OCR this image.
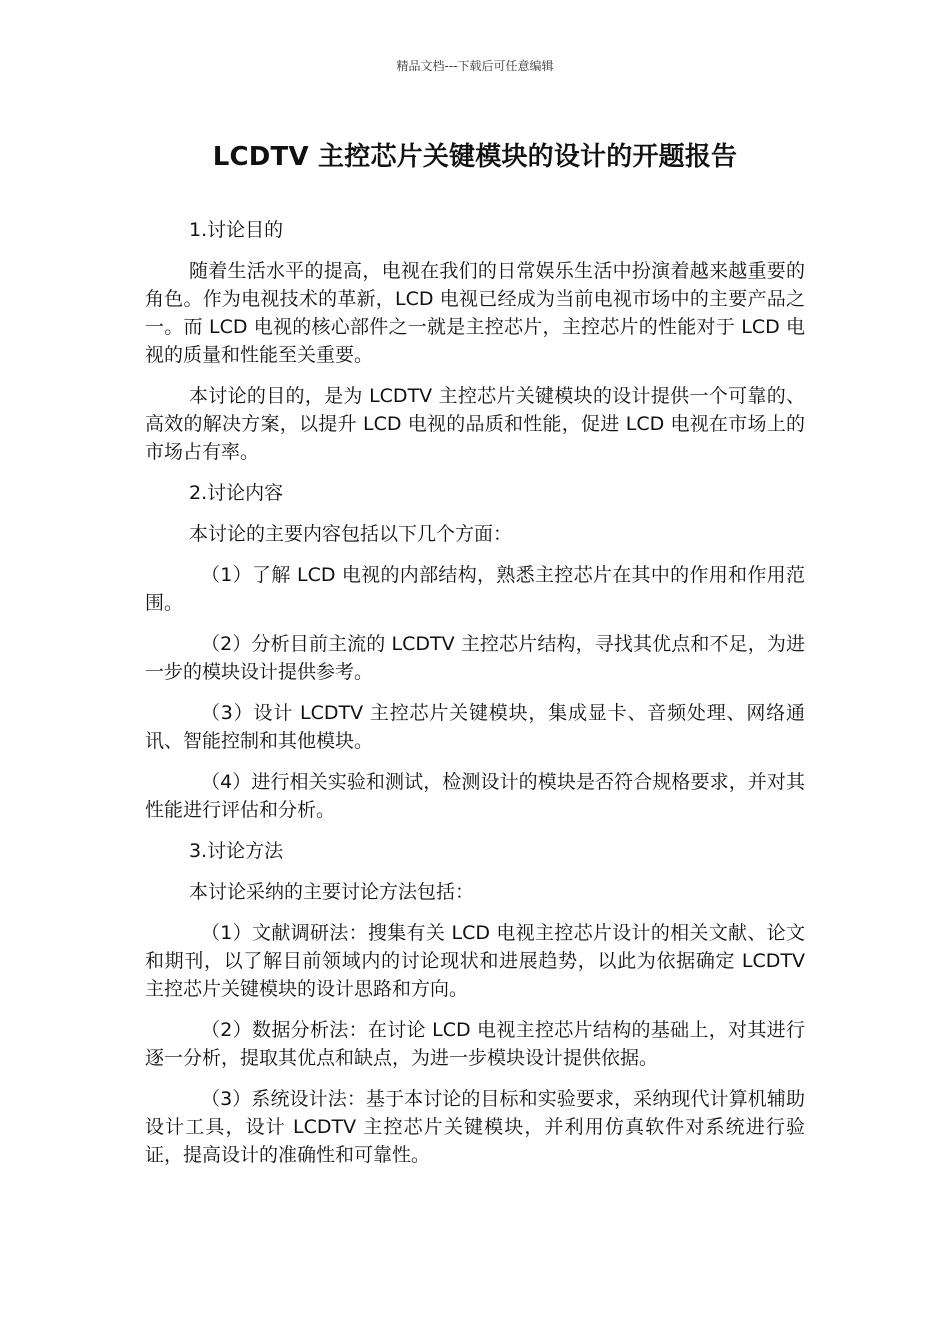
精品文档---下载后可任意编辑
LCDTV 主控芯片关键模块的设计的开题报告

1.讨论目的

随着生活水平的提高，电视在我们的日常娱乐生活中扮演着越来越重要的角色。作为电视技术的革新，LCD 电视已经成为当前电视市场中的主要产品之一。而 LCD 电视的核心部件之一就是主控芯片，主控芯片的性能对于 LCD 电视的质量和性能至关重要。

本讨论的目的，是为 LCDTV 主控芯片关键模块的设计提供一个可靠的、高效的解决方案，以提升 LCD 电视的品质和性能，促进 LCD 电视在市场上的市场占有率。

2.讨论内容

本讨论的主要内容包括以下几个方面：

（1）了解 LCD 电视的内部结构，熟悉主控芯片在其中的作用和作用范围。

（2）分析目前主流的 LCDTV 主控芯片结构，寻找其优点和不足，为进一步的模块设计提供参考。

（3）设计 LCDTV 主控芯片关键模块，集成显卡、音频处理、网络通讯、智能控制和其他模块。

（4）进行相关实验和测试，检测设计的模块是否符合规格要求，并对其性能进行评估和分析。

3.讨论方法

本讨论采纳的主要讨论方法包括：

（1）文献调研法：搜集有关 LCD 电视主控芯片设计的相关文献、论文和期刊，以了解目前领域内的讨论现状和进展趋势，以此为依据确定 LCDTV 主控芯片关键模块的设计思路和方向。

（2）数据分析法：在讨论 LCD 电视主控芯片结构的基础上，对其进行逐一分析，提取其优点和缺点，为进一步模块设计提供依据。

（3）系统设计法：基于本讨论的目标和实验要求，采纳现代计算机辅助设计工具，设计 LCDTV 主控芯片关键模块，并利用仿真软件对系统进行验证，提高设计的准确性和可靠性。
